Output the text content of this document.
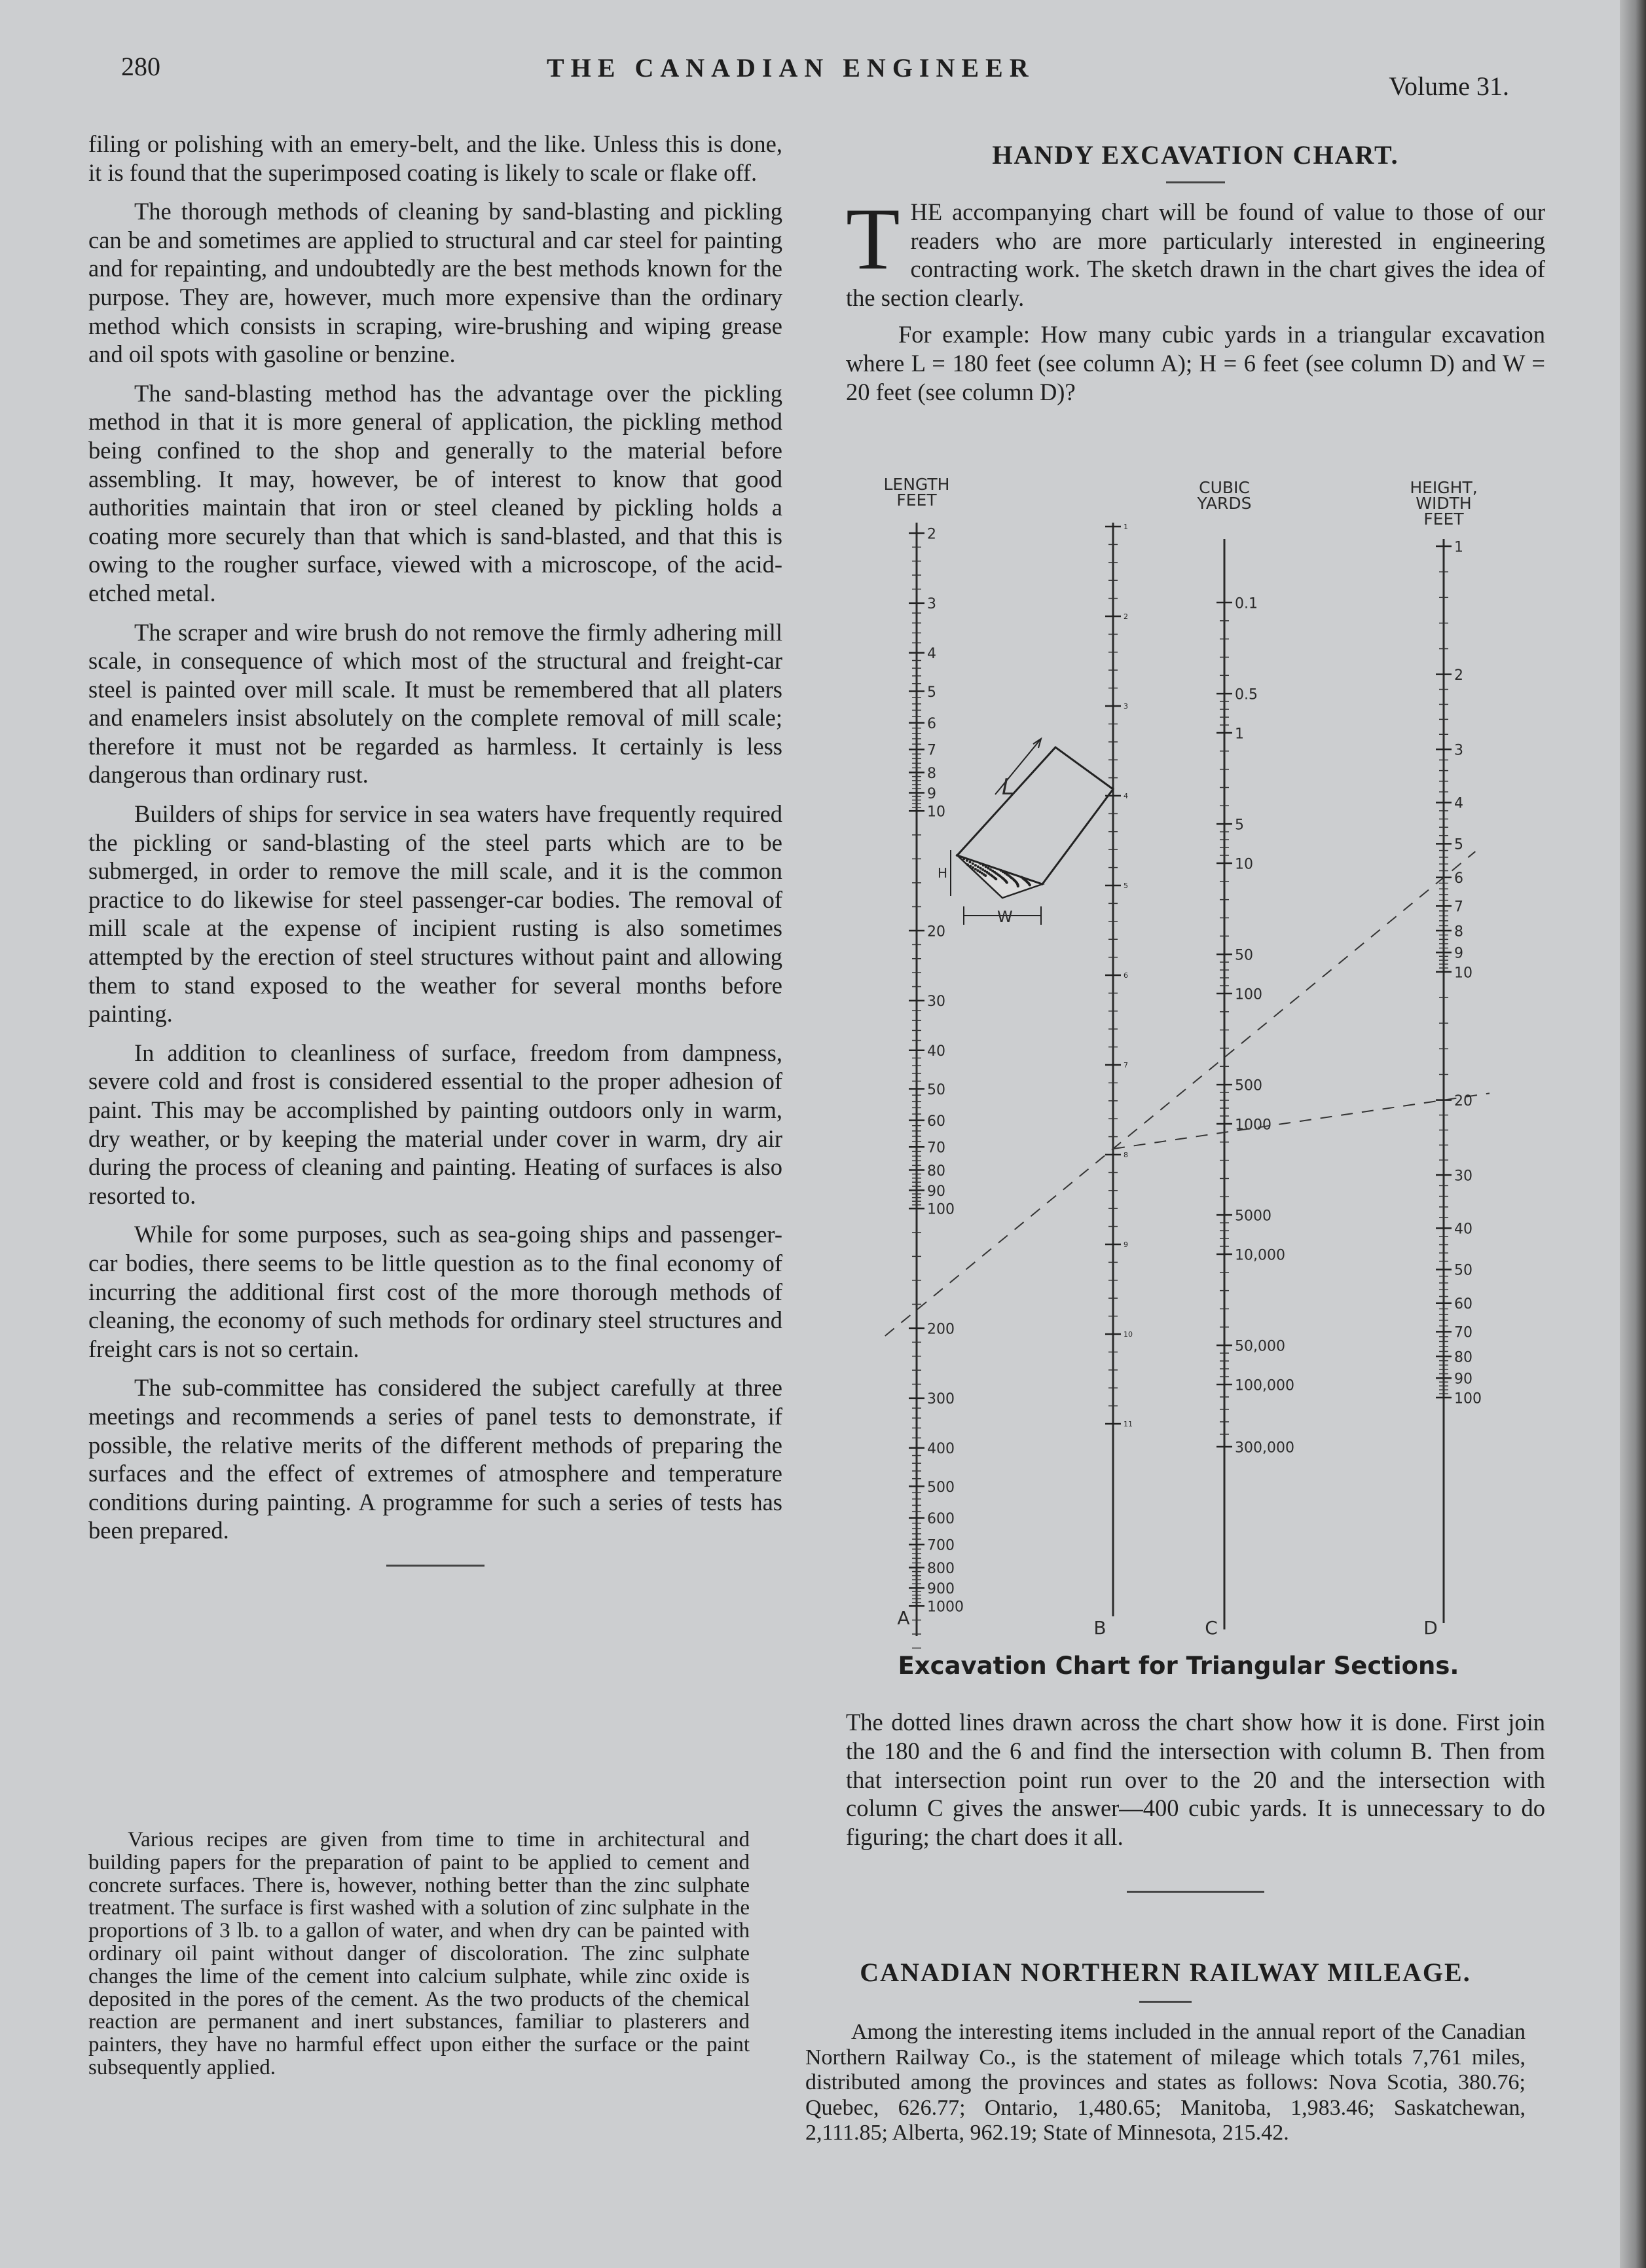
280	THE CANADIAN ENGINEER
Volume 31.

filing or polishing with an emery-belt, and the like. Unless this is done, it is found that the superimposed coating is likely to scale or flake off.

The thorough methods of cleaning by sand-blasting and pickling can be and sometimes are applied to structural and car steel for painting and for repainting, and undoubtedly are the best methods known for the purpose. They are, however, much more expensive than the ordinary method which consists in scraping, wire-brushing and wiping grease and oil spots with gasoline or benzine.

The sand-blasting method has the advantage over the pickling method in that it is more general of application, the pickling method being confined to the shop and generally to the material before assembling. It may, however, be of interest to know that good authorities maintain that iron or steel cleaned by pickling holds a coating more securely than that which is sand-blasted, and that this is owing to the rougher surface, viewed with a microscope, of the acid-etched metal.

The scraper and wire brush do not remove the firmly adhering mill scale, in consequence of which most of the structural and freight-car steel is painted over mill scale. It must be remembered that all platers and enamelers insist absolutely on the complete removal of mill scale; therefore it must not be regarded as harmless. It certainly is less dangerous than ordinary rust.

Builders of ships for service in sea waters have frequently required the pickling or sand-blasting of the steel parts which are to be submerged, in order to remove the mill scale, and it is the common practice to do likewise for steel passenger-car bodies. The removal of mill scale at the expense of incipient rusting is also sometimes attempted by the erection of steel structures without paint and allowing them to stand exposed to the weather for several months before painting.

In addition to cleanliness of surface, freedom from dampness, severe cold and frost is considered essential to the proper adhesion of paint. This may be accomplished by painting outdoors only in warm, dry weather, or by keeping the material under cover in warm, dry air during the process of cleaning and painting. Heating of surfaces is also resorted to.

While for some purposes, such as sea-going ships and passenger-car bodies, there seems to be little question as to the final economy of incurring the additional first cost of the more thorough methods of cleaning, the economy of such methods for ordinary steel structures and freight cars is not so certain.

The sub-committee has considered the subject carefully at three meetings and recommends a series of panel tests to demonstrate, if possible, the relative merits of the different methods of preparing the surfaces and the effect of extremes of atmosphere and temperature conditions during painting. A programme for such a series of tests has been prepared.

Various recipes are given from time to time in architectural and building papers for the preparation of paint to be applied to cement and concrete surfaces. There is, however, nothing better than the zinc sulphate treatment. The surface is first washed with a solution of zinc sulphate in the proportions of 3 lb. to a gallon of water, and when dry can be painted with ordinary oil paint without danger of discoloration. The zinc sulphate changes the lime of the cement into calcium sulphate, while zinc oxide is deposited in the pores of the cement. As the two products of the chemical reaction are permanent and inert substances, familiar to plasterers and painters, they have no harmful effect upon either the surface or the paint subsequently applied.

HANDY EXCAVATION CHART.

THE accompanying chart will be found of value to those of our readers who are more particularly interested in engineering contracting work. The sketch drawn in the chart gives the idea of the section clearly.

For example: How many cubic yards in a triangular excavation where L = 180 feet (see column A); H = 6 feet (see column D) and W = 20 feet (see column D)?

2
3
4
5
6
7
8
9
10
20
30
40
50
60
70
80
90
100
200
300
400
500
600
700
800
900
1000
LENGTH
FEET
A
1
2
3
4
5
6
7
8
9
10
11
B
0.1
0.5
1
5
10
50
100
500
1000
5000
10,000
50,000
100,000
300,000
CUBIC
YARDS
C
1
2
3
4
5
6
7
8
9
10
20
30
40
50
60
70
80
90
100
HEIGHT,
WIDTH
FEET
D
L
H
W
Excavation Chart for Triangular Sections.

The dotted lines drawn across the chart show how it is done. First join the 180 and the 6 and find the intersection with column B. Then from that intersection point run over to the 20 and the intersection with column C gives the answer—400 cubic yards. It is unnecessary to do figuring; the chart does it all.

CANADIAN NORTHERN RAILWAY MILEAGE.

Among the interesting items included in the annual report of the Canadian Northern Railway Co., is the statement of mileage which totals 7,761 miles, distributed among the provinces and states as follows: Nova Scotia, 380.76; Quebec, 626.77; Ontario, 1,480.65; Manitoba, 1,983.46; Saskatchewan, 2,111.85; Alberta, 962.19; State of Minnesota, 215.42.
